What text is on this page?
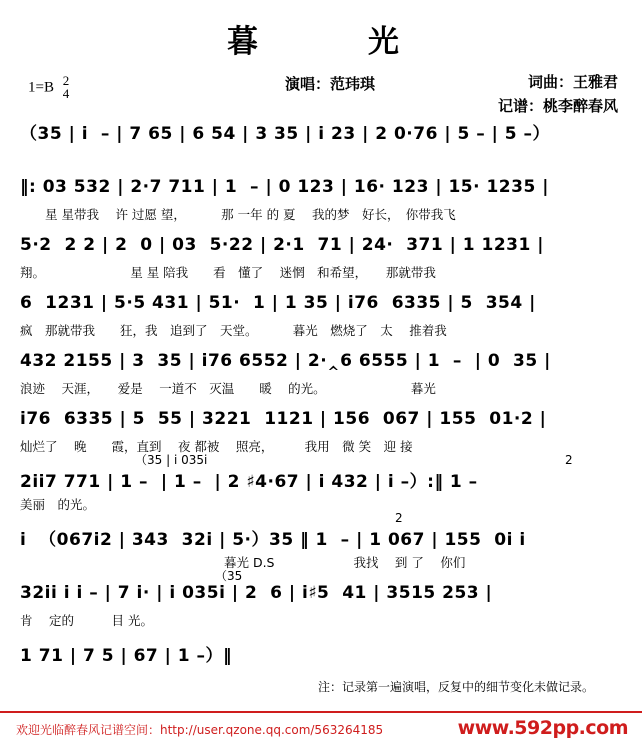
暮　　光
1=B 2
4
演唱：范玮琪	词曲：王雅君
记谱：桃李醉春风
（35 | i  – | 7 65 | 6 54 | 3 35 | i 23 | 2 0·76 | 5 – | 5 –）
‖: 03 532 | 2·7 711 | 1  – | 0 123 | 16· 123 | 15· 1235 |
　　星 星带我　 许 过愿 望，　　　 那 一年 的 夏　 我的梦　好长，　你带我飞
5·2  2 2 | 2  0 | 03  5·22 | 2·1  71 | 24·  371 | 1 1231 |
翔。　　　　　　　 星 星 陪我　　看　懂了　 迷惘　和希望，　　那就带我
6  1231 | 5·5 431 | 51·  1 | 1 35 | i76  6335 | 5  354 |
疯　那就带我　　狂，我　追到了　天堂。　　　 暮光　燃烧了　太　 推着我
432 2155 | 3  35 | i76 6552 | 2·‸6 6555 | 1  –  | 0  35 |
浪迹　 天涯，　　爱是　 一道不　灭温　　暖　 的光。　　　　　　　 暮光
i76  6335 | 5  55 | 3221  1121 | 156  067 | 155  01·2 |
灿烂了　 晚　　霞，直到　 夜 都被　 照亮，　　　我用　微 笑　迎 接
（35 | i 035i	2
2ii7 771 | 1 –  | 1 –  | 2 ♯4·67 | i 432 | i –）:‖ 1 –
美丽　的光。
2
i  （067i2 | 343  32i | 5·）35 ‖ 1  – | 1 067 | 155  0i i
　　　　　　　　　　　　　　　　 暮光 D.S　　　　　　 我找　 到 了　 你们
（35
32ii i i – | 7 i· | i 035i | 2  6 | i♯5  41 | 3515 253 |
肯　 定的　　　目 光。
1 71 | 7 5 | 67 | 1 –）‖
注：记录第一遍演唱，反复中的细节变化未做记录。
欢迎光临醉春风记谱空间：http://user.qzone.qq.com/563264185	www.592pp.com
